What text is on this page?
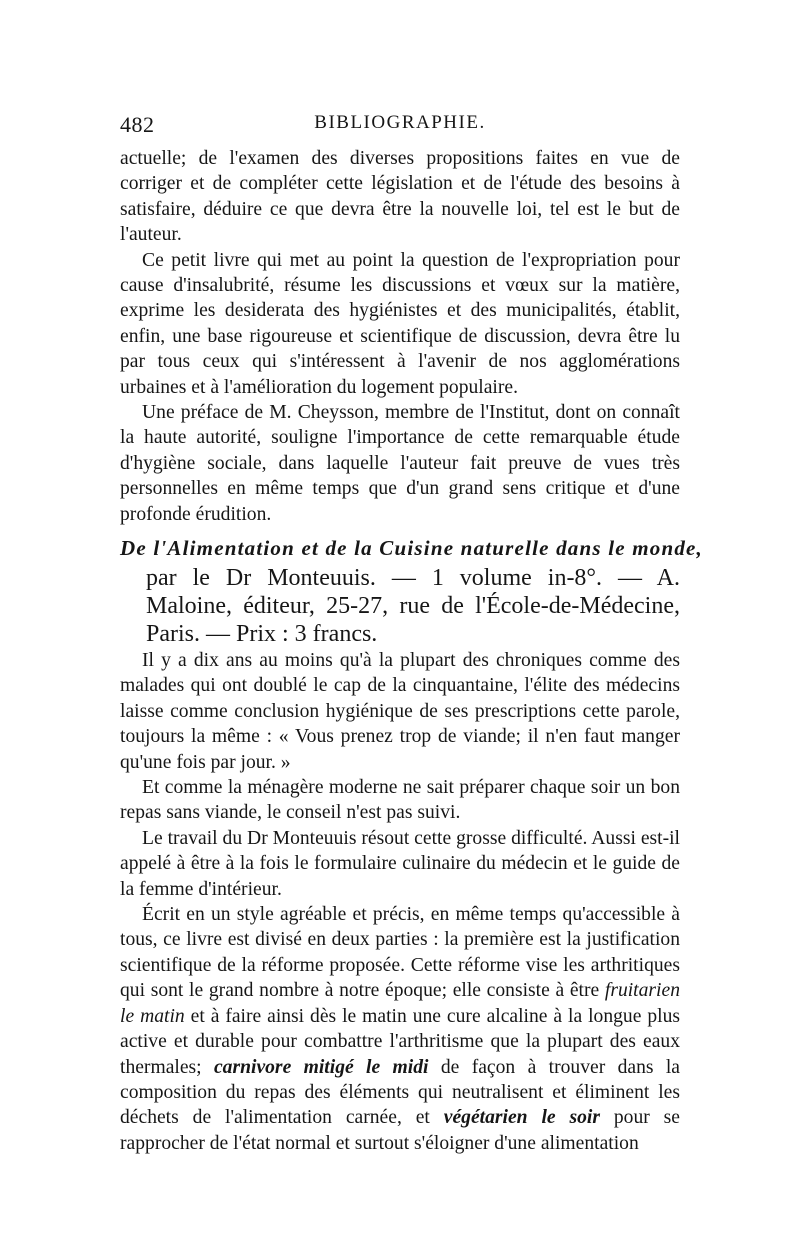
482	BIBLIOGRAPHIE.

actuelle; de l'examen des diverses propositions faites en vue de corriger et de compléter cette législation et de l'étude des besoins à satisfaire, déduire ce que devra être la nouvelle loi, tel est le but de l'auteur.

Ce petit livre qui met au point la question de l'expropriation pour cause d'insalubrité, résume les discussions et vœux sur la matière, exprime les desiderata des hygiénistes et des municipalités, établit, enfin, une base rigoureuse et scientifique de discussion, devra être lu par tous ceux qui s'intéressent à l'avenir de nos agglomérations urbaines et à l'amélioration du logement populaire.

Une préface de M. Cheysson, membre de l'Institut, dont on connaît la haute autorité, souligne l'importance de cette remarquable étude d'hygiène sociale, dans laquelle l'auteur fait preuve de vues très personnelles en même temps que d'un grand sens critique et d'une profonde érudition.

De l'Alimentation et de la Cuisine naturelle dans le monde,
par le Dr Monteuuis. — 1 volume in-8°. — A. Maloine, éditeur, 25-27, rue de l'École-de-Médecine, Paris. — Prix : 3 francs.

Il y a dix ans au moins qu'à la plupart des chroniques comme des malades qui ont doublé le cap de la cinquantaine, l'élite des médecins laisse comme conclusion hygiénique de ses prescriptions cette parole, toujours la même : « Vous prenez trop de viande; il n'en faut manger qu'une fois par jour. »

Et comme la ménagère moderne ne sait préparer chaque soir un bon repas sans viande, le conseil n'est pas suivi.

Le travail du Dr Monteuuis résout cette grosse difficulté. Aussi est-il appelé à être à la fois le formulaire culinaire du médecin et le guide de la femme d'intérieur.

Écrit en un style agréable et précis, en même temps qu'accessible à tous, ce livre est divisé en deux parties : la première est la justification scientifique de la réforme proposée. Cette réforme vise les arthritiques qui sont le grand nombre à notre époque; elle consiste à être fruitarien le matin et à faire ainsi dès le matin une cure alcaline à la longue plus active et durable pour combattre l'arthritisme que la plupart des eaux thermales; carnivore mitigé le midi de façon à trouver dans la composition du repas des éléments qui neutralisent et éliminent les déchets de l'alimentation carnée, et végétarien le soir pour se rapprocher de l'état normal et surtout s'éloigner d'une alimentation
